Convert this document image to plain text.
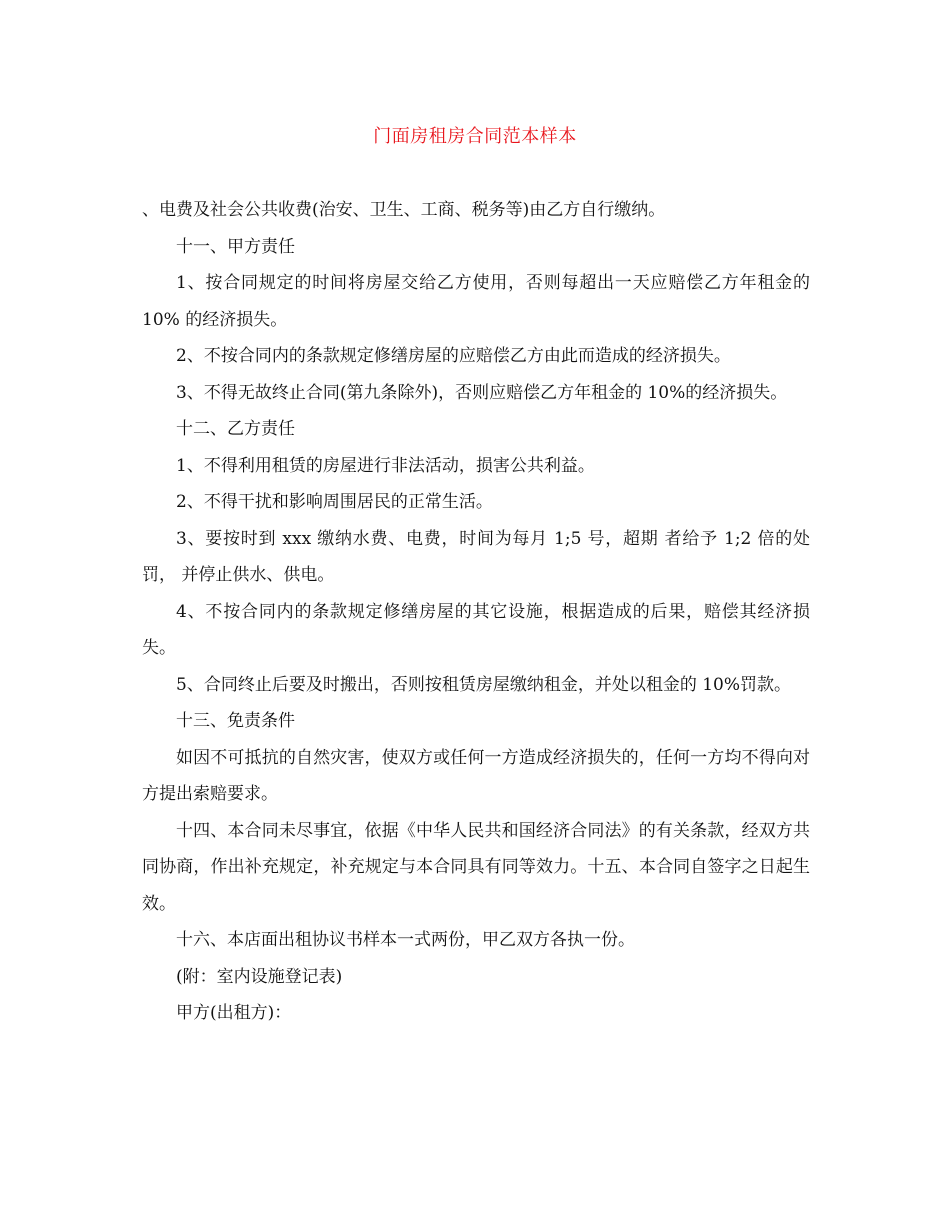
门面房租房合同范本样本

、电费及社会公共收费(治安、卫生、工商、税务等)由乙方自行缴纳。

十一、甲方责任

1、按合同规定的时间将房屋交给乙方使用，否则每超出一天应赔偿乙方年租金的 10% 的经济损失。

2、不按合同内的条款规定修缮房屋的应赔偿乙方由此而造成的经济损失。

3、不得无故终止合同(第九条除外)，否则应赔偿乙方年租金的 10%的经济损失。

十二、乙方责任

1、不得利用租赁的房屋进行非法活动，损害公共利益。

2、不得干扰和影响周围居民的正常生活。

3、要按时到 xxx 缴纳水费、电费，时间为每月 1;5 号，超期 者给予 1;2 倍的处罚， 并停止供水、供电。

4、不按合同内的条款规定修缮房屋的其它设施，根据造成的后果，赔偿其经济损失。

5、合同终止后要及时搬出，否则按租赁房屋缴纳租金，并处以租金的 10%罚款。

十三、免责条件

如因不可抵抗的自然灾害，使双方或任何一方造成经济损失的，任何一方均不得向对方提出索赔要求。

十四、本合同未尽事宜，依据《中华人民共和国经济合同法》的有关条款，经双方共同协商，作出补充规定，补充规定与本合同具有同等效力。十五、本合同自签字之日起生效。

十六、本店面出租协议书样本一式两份，甲乙双方各执一份。

(附：室内设施登记表)

甲方(出租方)：
